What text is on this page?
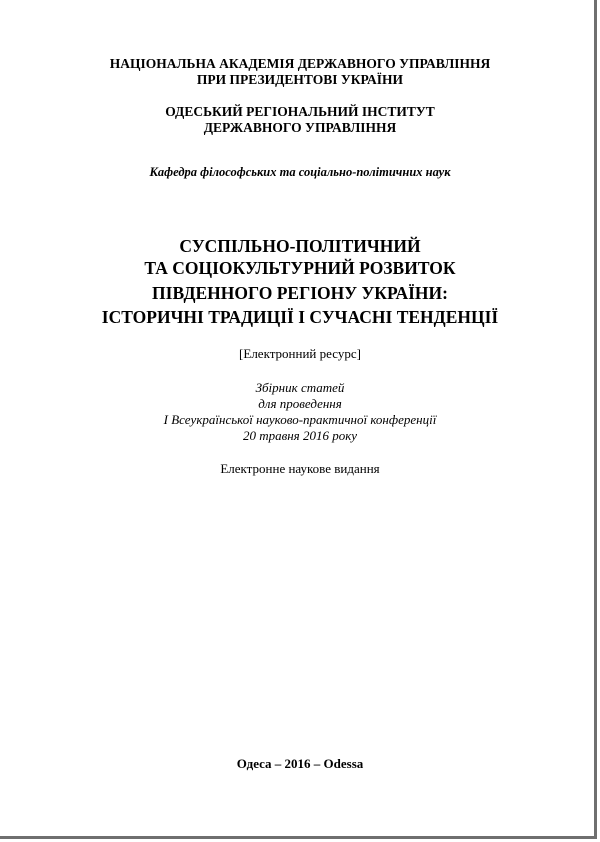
НАЦІОНАЛЬНА АКАДЕМІЯ ДЕРЖАВНОГО УПРАВЛІННЯ
ПРИ ПРЕЗИДЕНТОВІ УКРАЇНИ
ОДЕСЬКИЙ РЕГІОНАЛЬНИЙ ІНСТИТУТ
ДЕРЖАВНОГО УПРАВЛІННЯ
Кафедра філософських та соціально-політичних наук
СУСПІЛЬНО-ПОЛІТИЧНИЙ
ТА СОЦІОКУЛЬТУРНИЙ РОЗВИТОК
ПІВДЕННОГО РЕГІОНУ УКРАЇНИ:
ІСТОРИЧНІ ТРАДИЦІЇ І СУЧАСНІ ТЕНДЕНЦІЇ
[Електронний ресурс]
Збірник статей
для проведення
І Всеукраїнської науково-практичної конференції
20 травня 2016 року
Електронне наукове видання
Одеса – 2016 – Odessa
